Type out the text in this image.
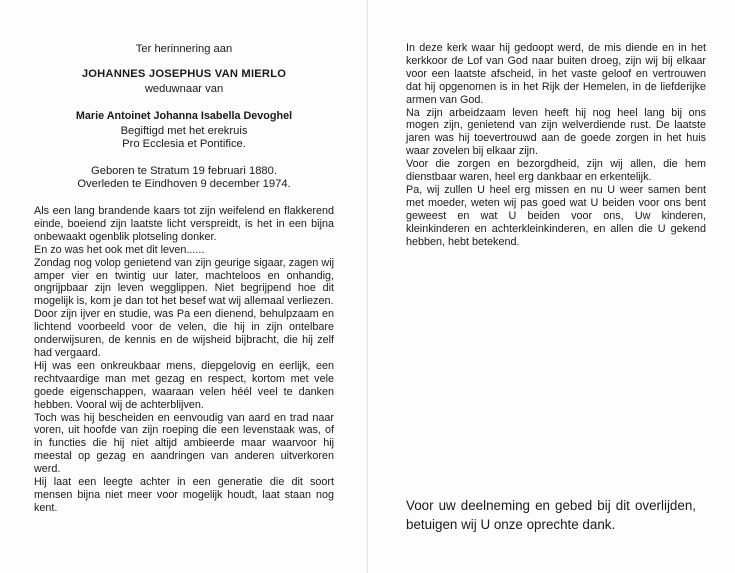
Ter herinnering aan
JOHANNES JOSEPHUS VAN MIERLO
weduwnaar van
Marie Antoinet Johanna Isabella Devoghel
Begiftigd met het erekruis
Pro Ecclesia et Pontifice.
Geboren te Stratum 19 februari 1880.
Overleden te Eindhoven 9 december 1974.

Als een lang brandende kaars tot zijn weifelend en flakkerend einde, boeiend zijn laatste licht verspreidt, is het in een bijna onbewaakt ogenblik plotseling donker.

En zo was het ook met dit leven......

Zondag nog volop genietend van zijn geurige sigaar, zagen wij amper vier en twintig uur later, machteloos en onhandig, ongrijpbaar zijn leven wegglippen. Niet begrijpend hoe dit mogelijk is, kom je dan tot het besef wat wij allemaal verliezen.

Door zijn ijver en studie, was Pa een dienend, behulpzaam en lichtend voorbeeld voor de velen, die hij in zijn ontelbare onderwijsuren, de kennis en de wijsheid bijbracht, die hij zelf had vergaard.

Hij was een onkreukbaar mens, diepgelovig en eerlijk, een rechtvaardige man met gezag en respect, kortom met vele goede eigenschappen, waaraan velen héél veel te danken hebben. Vooral wij de achterblijven.

Toch was hij bescheiden en eenvoudig van aard en trad naar voren, uit hoofde van zijn roeping die een levenstaak was, of in functies die hij niet altijd ambieerde maar waarvoor hij meestal op gezag en aandringen van anderen uitverkoren werd.

Hij laat een leegte achter in een generatie die dit soort mensen bijna niet meer voor mogelijk houdt, laat staan nog kent.

In deze kerk waar hij gedoopt werd, de mis diende en in het kerkkoor de Lof van God naar buiten droeg, zijn wij bij elkaar voor een laatste afscheid, in het vaste geloof en vertrouwen dat hij opgenomen is in het Rijk der Hemelen, in de liefderijke armen van God.

Na zijn arbeidzaam leven heeft hij nog heel lang bij ons mogen zijn, genietend van zijn welverdiende rust. De laatste jaren was hij toevertrouwd aan de goede zorgen in het huis waar zovelen bij elkaar zijn.

Voor die zorgen en bezorgdheid, zijn wij allen, die hem dienstbaar waren, heel erg dankbaar en erkentelijk.

Pa, wij zullen U heel erg missen en nu U weer samen bent met moeder, weten wij pas goed wat U beiden voor ons bent geweest en wat U beiden voor ons, Uw kinderen, kleinkinderen en achterkleinkinderen, en allen die U gekend hebben, hebt betekend.

Voor uw deelneming en gebed bij dit overlijden, betuigen wij U onze oprechte dank.
